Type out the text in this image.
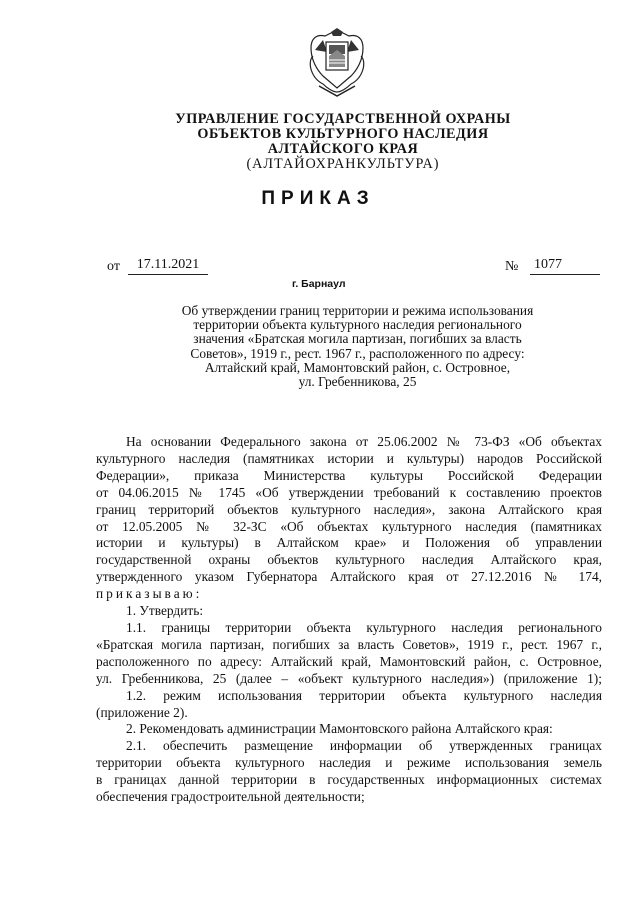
УПРАВЛЕНИЕ ГОСУДАРСТВЕННОЙ ОХРАНЫ
ОБЪЕКТОВ КУЛЬТУРНОГО НАСЛЕДИЯ
АЛТАЙСКОГО КРАЯ
(АЛТАЙОХРАНКУЛЬТУРА)
ПРИКАЗ
от	17.11.2021	№ 1077
г. Барнаул
Об утверждении границ территории и режима использования
территории объекта культурного наследия регионального
значения «Братская могила партизан, погибших за власть
Советов», 1919 г., рест. 1967 г., расположенного по адресу:
Алтайский край, Мамонтовский район, с. Островное,
ул. Гребенникова, 25

На основании Федерального закона от 25.06.2002 № 73-ФЗ «Об объектах

культурного наследия (памятниках истории и культуры) народов Российской

Федерации», приказа Министерства культуры Российской Федерации

от 04.06.2015 № 1745 «Об утверждении требований к составлению проектов

границ территорий объектов культурного наследия», закона Алтайского края

от 12.05.2005 № 32-ЗС «Об объектах культурного наследия (памятниках

истории и культуры) в Алтайском крае» и Положения об управлении

государственной охраны объектов культурного наследия Алтайского края,

утвержденного указом Губернатора Алтайского края от 27.12.2016 № 174,

приказываю:

1. Утвердить:

1.1. границы территории объекта культурного наследия регионального

«Братская могила партизан, погибших за власть Советов», 1919 г., рест. 1967 г.,

расположенного по адресу: Алтайский край, Мамонтовский район, с. Островное,

ул. Гребенникова, 25 (далее – «объект культурного наследия») (приложение 1);

1.2. режим использования территории объекта культурного наследия

(приложение 2).

2. Рекомендовать администрации Мамонтовского района Алтайского края:

2.1. обеспечить размещение информации об утвержденных границах

территории объекта культурного наследия и режиме использования земель

в границах данной территории в государственных информационных системах

обеспечения градостроительной деятельности;
